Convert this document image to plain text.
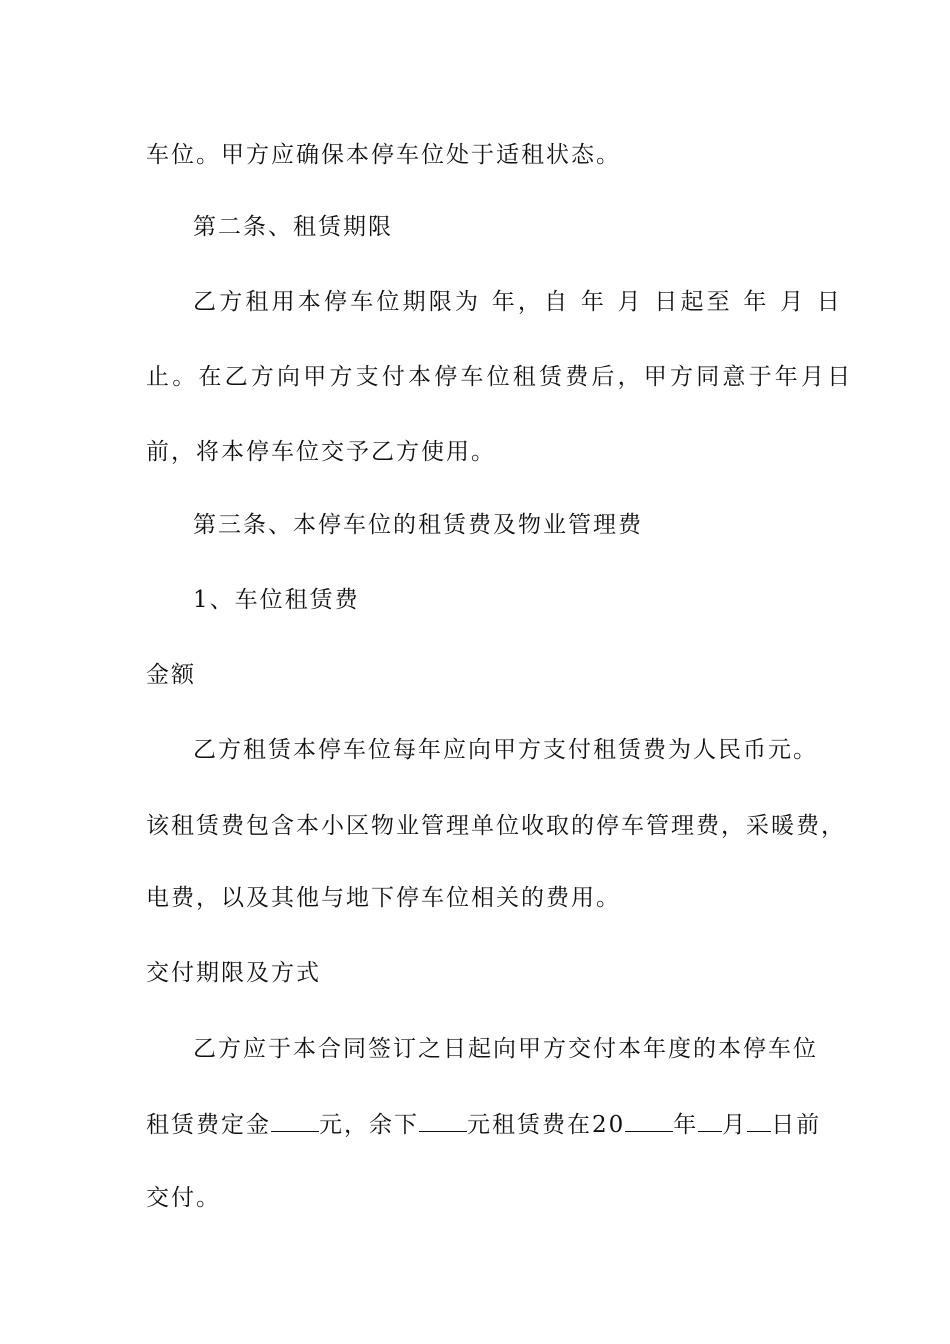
车位。甲方应确保本停车位处于适租状态。
第二条、租赁期限
乙方租用本停车位期限为 年，自 年 月 日起至 年 月 日
止。在乙方向甲方支付本停车位租赁费后，甲方同意于年月日
前，将本停车位交予乙方使用。
第三条、本停车位的租赁费及物业管理费
1、车位租赁费
金额
乙方租赁本停车位每年应向甲方支付租赁费为人民币元。
该租赁费包含本小区物业管理单位收取的停车管理费，采暖费，
电费，以及其他与地下停车位相关的费用。
交付期限及方式
乙方应于本合同签订之日起向甲方交付本年度的本停车位
租赁费定金 元，余下 元租赁费在20 年 月 日前
交付。
